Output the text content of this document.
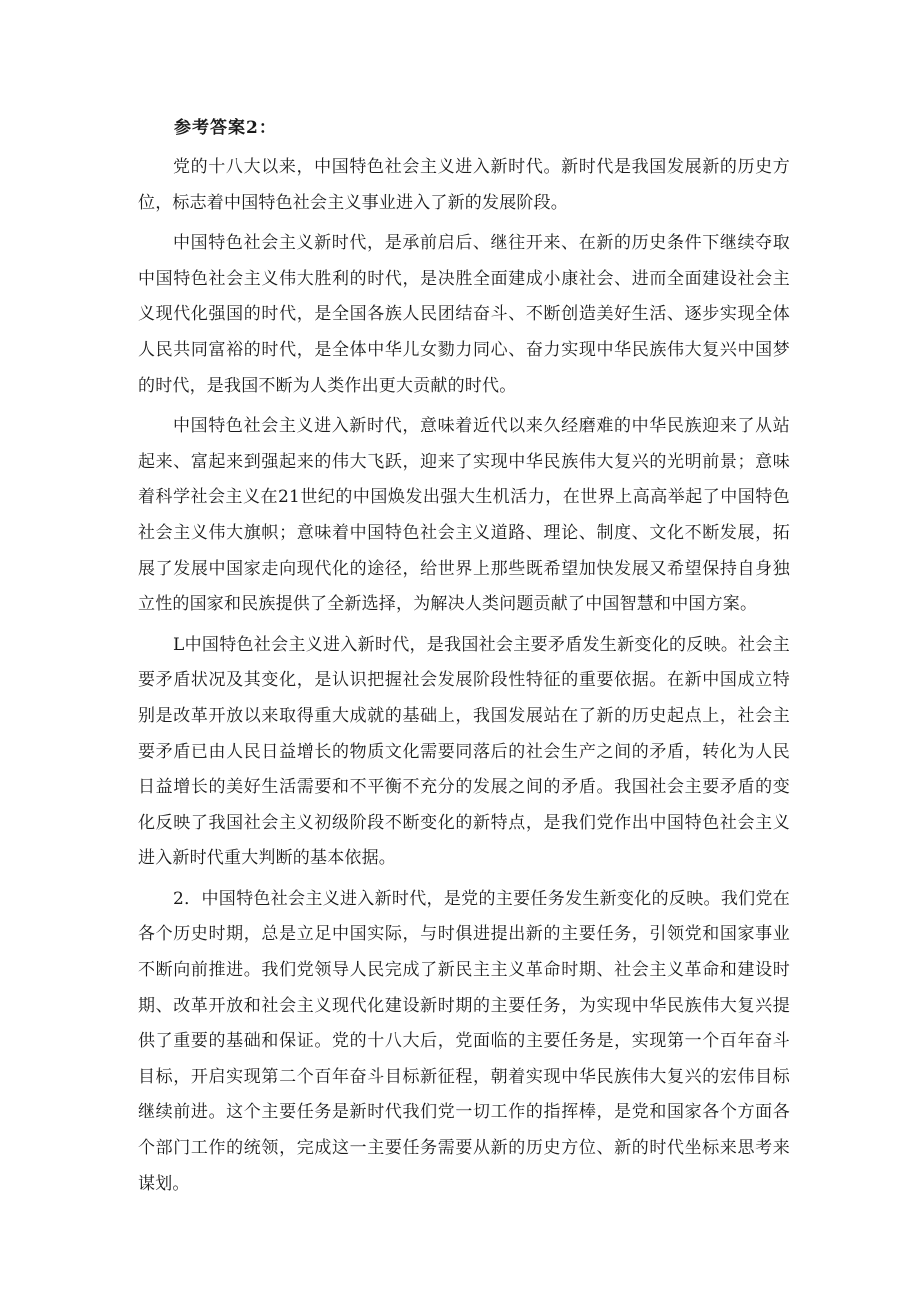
参考答案2：

党的十八大以来，中国特色社会主义进入新时代。新时代是我国发展新的历史方位，标志着中国特色社会主义事业进入了新的发展阶段。

中国特色社会主义新时代，是承前启后、继往开来、在新的历史条件下继续夺取中国特色社会主义伟大胜利的时代，是决胜全面建成小康社会、进而全面建设社会主义现代化强国的时代，是全国各族人民团结奋斗、不断创造美好生活、逐步实现全体人民共同富裕的时代，是全体中华儿女勠力同心、奋力实现中华民族伟大复兴中国梦的时代，是我国不断为人类作出更大贡献的时代。

中国特色社会主义进入新时代，意味着近代以来久经磨难的中华民族迎来了从站起来、富起来到强起来的伟大飞跃，迎来了实现中华民族伟大复兴的光明前景；意味着科学社会主义在21世纪的中国焕发出强大生机活力，在世界上高高举起了中国特色社会主义伟大旗帜；意味着中国特色社会主义道路、理论、制度、文化不断发展，拓展了发展中国家走向现代化的途径，给世界上那些既希望加快发展又希望保持自身独立性的国家和民族提供了全新选择，为解决人类问题贡献了中国智慧和中国方案。

L中国特色社会主义进入新时代，是我国社会主要矛盾发生新变化的反映。社会主要矛盾状况及其变化，是认识把握社会发展阶段性特征的重要依据。在新中国成立特别是改革开放以来取得重大成就的基础上，我国发展站在了新的历史起点上，社会主要矛盾已由人民日益增长的物质文化需要同落后的社会生产之间的矛盾，转化为人民日益增长的美好生活需要和不平衡不充分的发展之间的矛盾。我国社会主要矛盾的变化反映了我国社会主义初级阶段不断变化的新特点，是我们党作出中国特色社会主义进入新时代重大判断的基本依据。

2．中国特色社会主义进入新时代，是党的主要任务发生新变化的反映。我们党在各个历史时期，总是立足中国实际，与时俱进提出新的主要任务，引领党和国家事业不断向前推进。我们党领导人民完成了新民主主义革命时期、社会主义革命和建设时期、改革开放和社会主义现代化建设新时期的主要任务，为实现中华民族伟大复兴提供了重要的基础和保证。党的十八大后，党面临的主要任务是，实现第一个百年奋斗目标，开启实现第二个百年奋斗目标新征程，朝着实现中华民族伟大复兴的宏伟目标继续前进。这个主要任务是新时代我们党一切工作的指挥棒，是党和国家各个方面各个部门工作的统领，完成这一主要任务需要从新的历史方位、新的时代坐标来思考来谋划。
